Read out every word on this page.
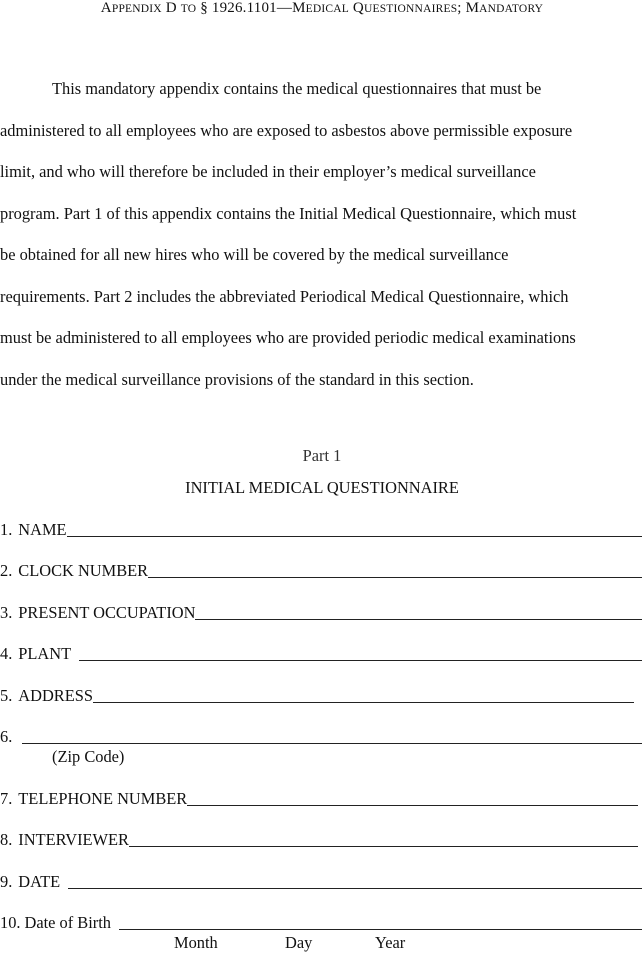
APPENDIX D TO § 1926.1101—MEDICAL QUESTIONNAIRES; MANDATORY
This mandatory appendix contains the medical questionnaires that must be
administered to all employees who are exposed to asbestos above permissible exposure
limit, and who will therefore be included in their employer’s medical surveillance
program. Part 1 of this appendix contains the Initial Medical Questionnaire, which must
be obtained for all new hires who will be covered by the medical surveillance
requirements. Part 2 includes the abbreviated Periodical Medical Questionnaire, which
must be administered to all employees who are provided periodic medical examinations
under the medical surveillance provisions of the standard in this section.
Part 1
INITIAL MEDICAL QUESTIONNAIRE
1. NAME
2. CLOCK NUMBER
3. PRESENT OCCUPATION
4. PLANT
5. ADDRESS
6.
(Zip Code)
7. TELEPHONE NUMBER
8. INTERVIEWER
9. DATE
10. Date of Birth
Month	Day	Year
